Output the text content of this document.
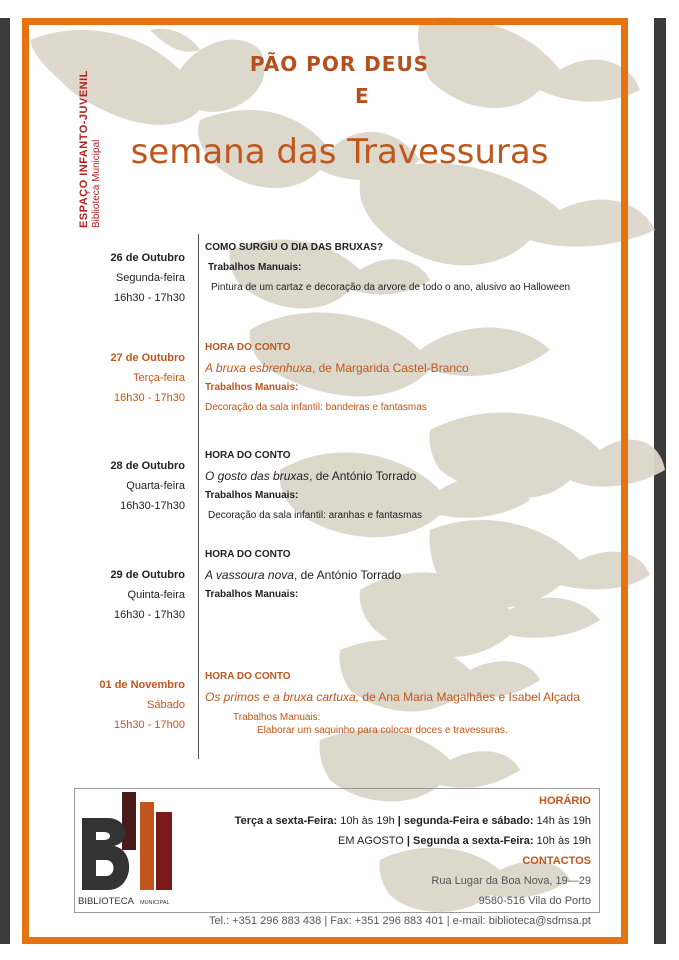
PÃO POR DEUS
E
semana das Travessuras
ESPAÇO INFANTO-JUVENIL Biblioteca Municipal
26 de Outubro
Segunda-feira
16h30 - 17h30
COMO SURGIU O DIA DAS BRUXAS?
Trabalhos Manuais:
Pintura de um cartaz e decoração da arvore de todo o ano, alusivo ao Halloween
27 de Outubro
Terça-feira
16h30 - 17h30
HORA DO CONTO
A bruxa esbrenhuxa, de Margarida Castel-Branco
Trabalhos Manuais:
Decoração da sala infantil: bandeiras e fantasmas
28 de Outubro
Quarta-feira
16h30-17h30
HORA DO CONTO
O gosto das bruxas, de António Torrado
Trabalhos Manuais:
Decoração da sala infantil: aranhas e fantasmas
29 de Outubro
Quinta-feira
16h30 - 17h30
HORA DO CONTO
A vassoura nova, de António Torrado
Trabalhos Manuais:
01 de Novembro
Sábado
15h30 - 17h00
HORA DO CONTO
Os primos e a bruxa cartuxa, de Ana Maria Magalhães e Isabel Alçada
Trabalhos Manuais:
Elaborar um saquinho para colocar doces e travessuras.
BIBLIOTECA MUNICIPAL
HORÁRIO
Terça a sexta-Feira: 10h às 19h | segunda-Feira e sábado: 14h às 19h
EM AGOSTO | Segunda a sexta-Feira: 10h às 19h
CONTACTOS
Rua Lugar da Boa Nova, 19—29
9580-516 Vila do Porto
Tel.: +351 296 883 438 | Fax: +351 296 883 401 | e-mail: biblioteca@sdmsa.pt
